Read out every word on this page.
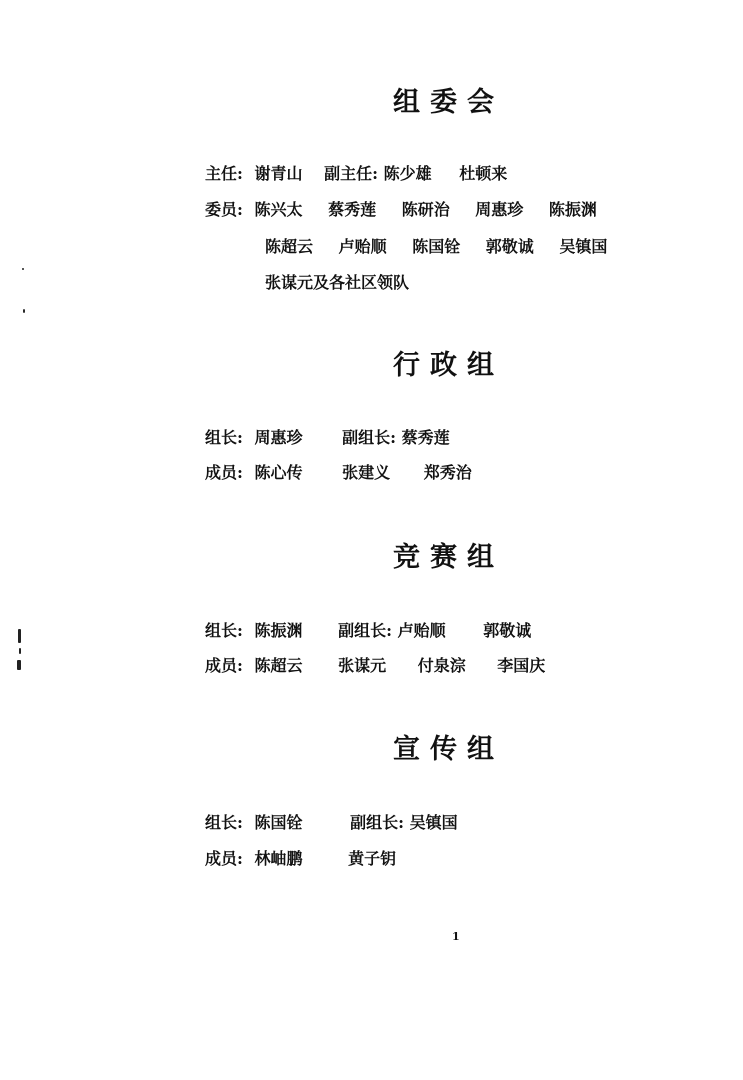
组委会
主任: 谢青山 副主任: 陈少雄 杜顿来
委员: 陈兴太 蔡秀莲 陈研治 周惠珍 陈振渊
陈超云 卢贻顺 陈国铨 郭敬诚 吴镇国
张谋元及各社区领队
行政组
组长: 周惠珍 副组长: 蔡秀莲
成员: 陈心传 张建义 郑秀治
竞赛组
组长: 陈振渊 副组长: 卢贻顺 郭敬诚
成员: 陈超云 张谋元 付泉淙 李国庆
宣传组
组长: 陈国铨	副组长: 吴镇国
成员: 林岫鹏	黄子钥
1
